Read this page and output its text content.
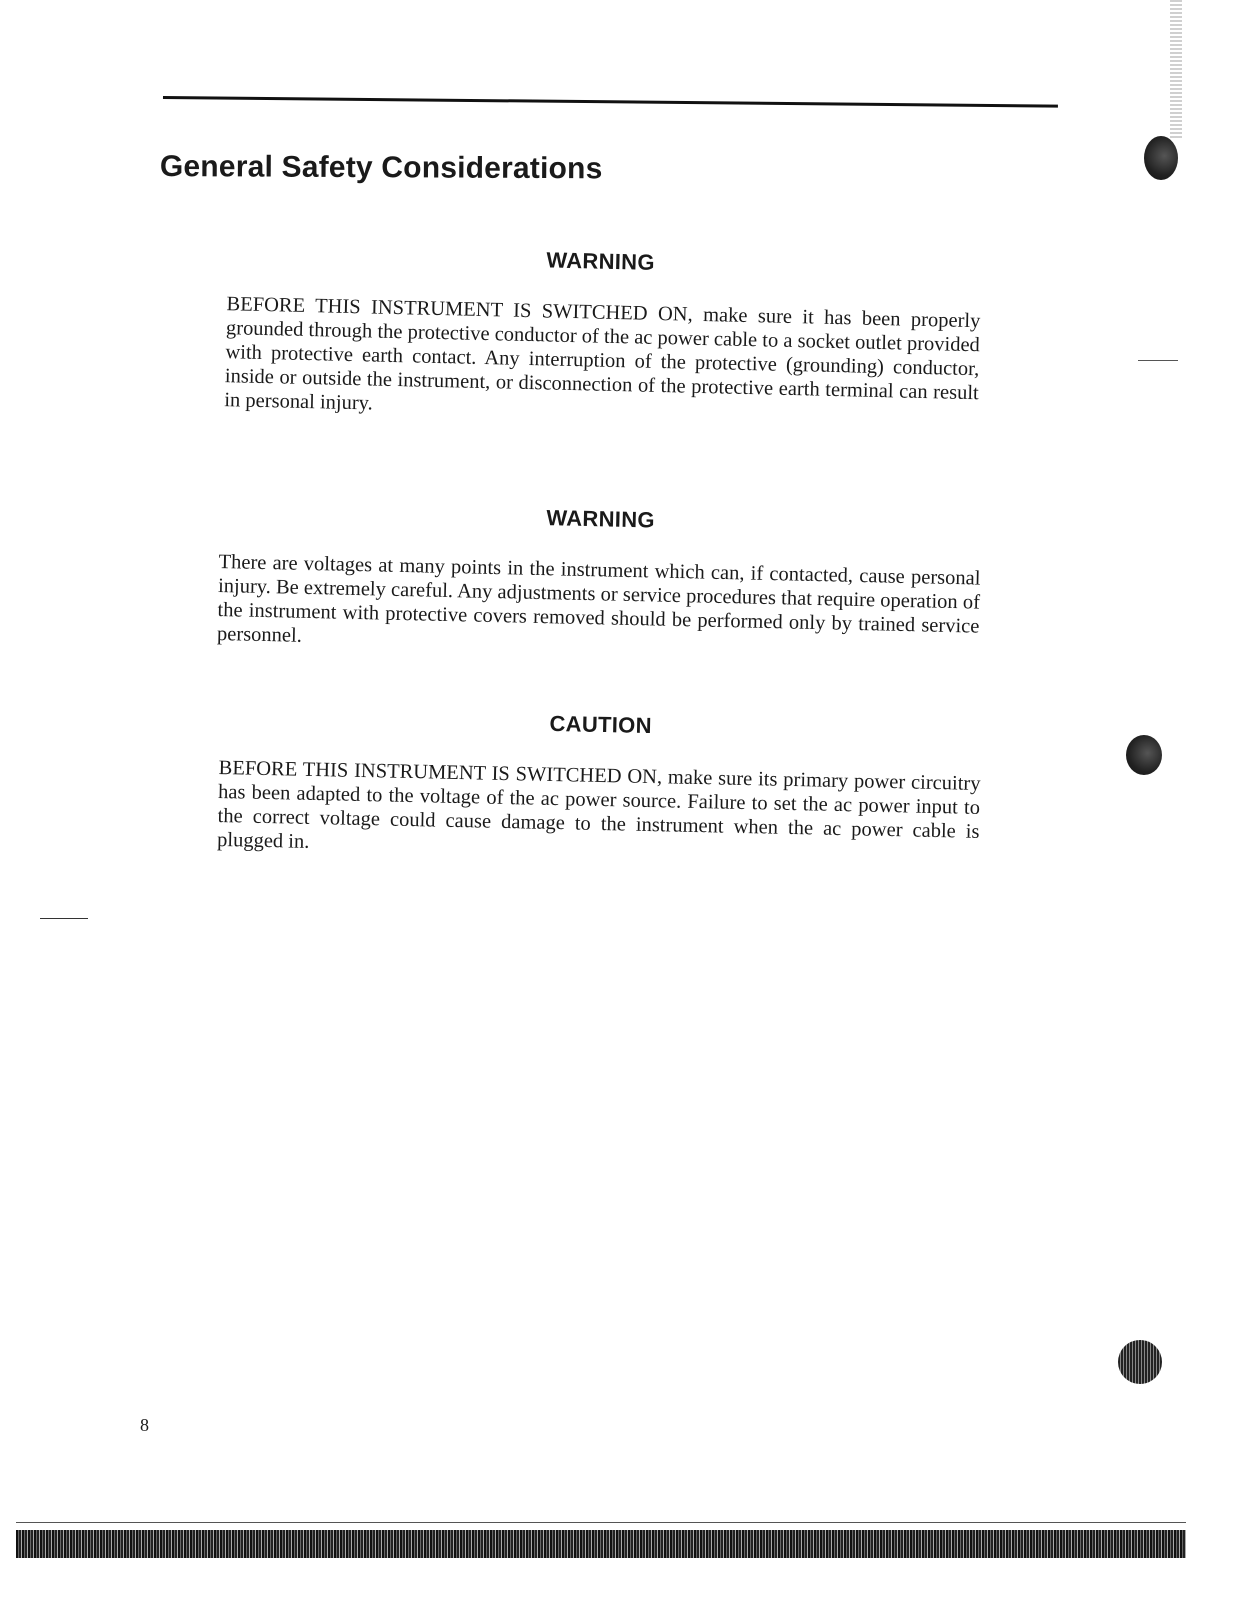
General Safety Considerations
WARNING

BEFORE THIS INSTRUMENT IS SWITCHED ON, make sure it has been properly grounded through the protective conductor of the ac power cable to a socket outlet provided with protective earth contact. Any interruption of the protective (grounding) conductor, inside or outside the instrument, or disconnection of the protective earth terminal can result in personal injury.

WARNING

There are voltages at many points in the instrument which can, if contacted, cause personal injury. Be extremely careful. Any adjustments or service procedures that require operation of the instrument with protective covers removed should be performed only by trained service personnel.

CAUTION

BEFORE THIS INSTRUMENT IS SWITCHED ON, make sure its primary power circuitry has been adapted to the voltage of the ac power source. Failure to set the ac power input to the correct voltage could cause damage to the instrument when the ac power cable is plugged in.

8
